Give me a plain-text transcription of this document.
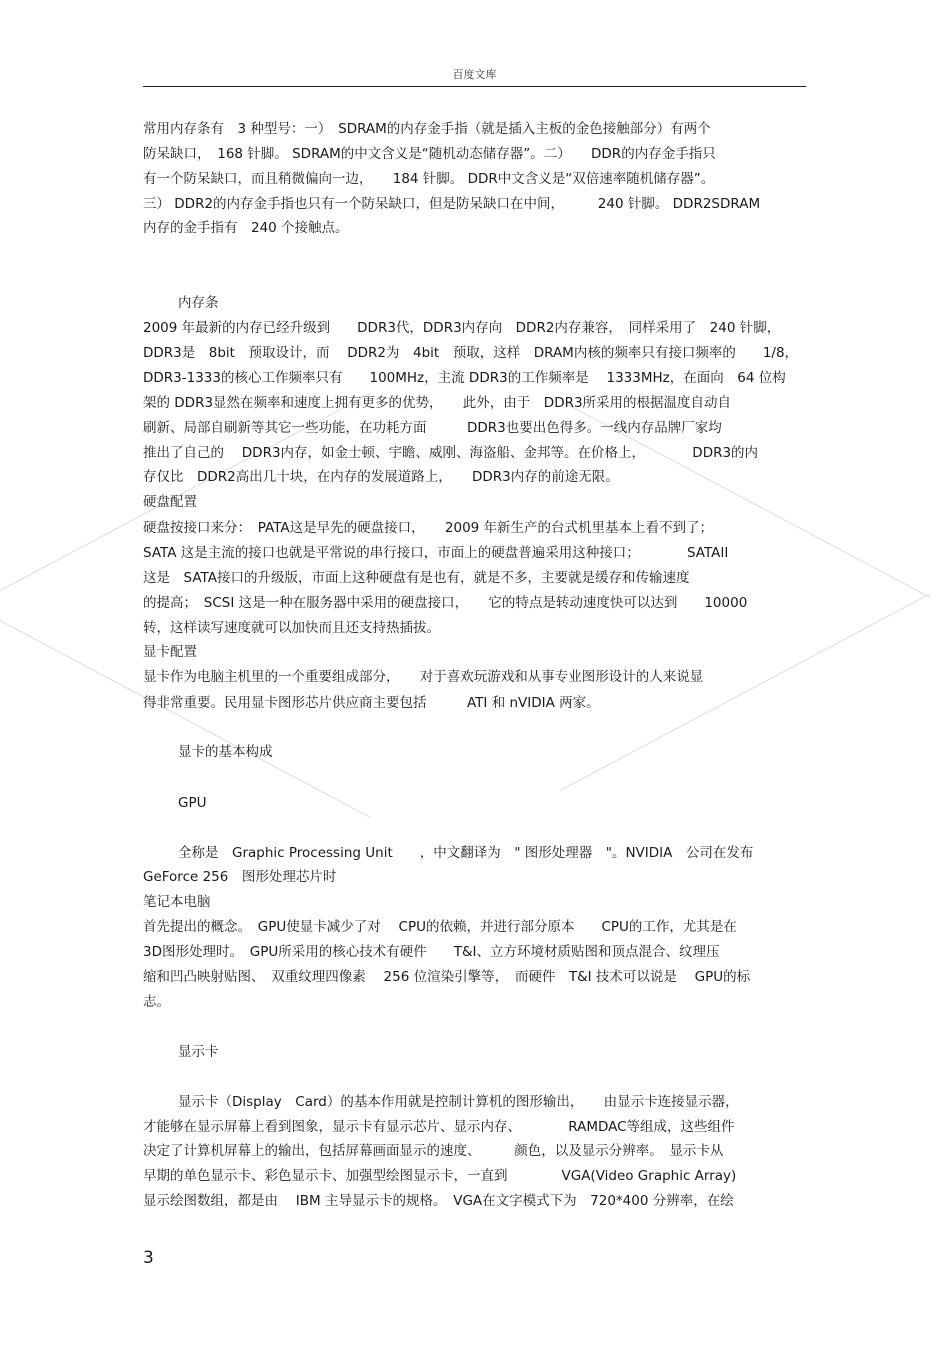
百度文库
常用内存条有　3 种型号：一）　SDRAM的内存金手指（就是插入主板的金色接触部分）有两个
防呆缺口，　168 针脚。 SDRAM的中文含义是“随机动态储存器”。二）　　DDR的内存金手指只
有一个防呆缺口，而且稍微偏向一边，　　184 针脚。 DDR中文含义是“双倍速率随机储存器”。
三） DDR2的内存金手指也只有一个防呆缺口，但是防呆缺口在中间，　　　240 针脚。 DDR2SDRAM
内存的金手指有　240 个接触点。
内存条
2009 年最新的内存已经升级到　　DDR3代，DDR3内存向　DDR2内存兼容，　同样采用了　240 针脚，
DDR3是　8bit　预取设计，而　 DDR2为　4bit　预取，这样　DRAM内核的频率只有接口频率的　　1/8，
DDR3-1333的核心工作频率只有　　100MHz，主流 DDR3的工作频率是　 1333MHz，在面向　64 位构
架的 DDR3显然在频率和速度上拥有更多的优势，　　此外，由于　DDR3所采用的根据温度自动自
刷新、局部自刷新等其它一些功能，在功耗方面　　　DDR3也要出色得多。一线内存品牌厂家均
推出了自己的　 DDR3内存，如金士顿、宇瞻、威刚、海盗船、金邦等。在价格上，　　　　DDR3的内
存仅比　DDR2高出几十块，在内存的发展道路上，　　DDR3内存的前途无限。
硬盘配置
硬盘按接口来分：　PATA这是早先的硬盘接口，　　2009 年新生产的台式机里基本上看不到了；
SATA 这是主流的接口也就是平常说的串行接口，市面上的硬盘普遍采用这种接口；　　　　SATAII
这是　SATA接口的升级版，市面上这种硬盘有是也有，就是不多，主要就是缓存和传输速度
的提高；　SCSI 这是一种在服务器中采用的硬盘接口，　　它的特点是转动速度快可以达到　　10000
转，这样读写速度就可以加快而且还支持热插拔。
显卡配置
显卡作为电脑主机里的一个重要组成部分，　　对于喜欢玩游戏和从事专业图形设计的人来说显
得非常重要。民用显卡图形芯片供应商主要包括　　　ATI 和 nVIDIA 两家。
显卡的基本构成
GPU
全称是　Graphic Processing Unit　　，中文翻译为　" 图形处理器　"。NVIDIA　公司在发布
GeForce 256　图形处理芯片时
笔记本电脑
首先提出的概念。　GPU使显卡减少了对　 CPU的依赖，并进行部分原本　　CPU的工作，尤其是在
3D图形处理时。　GPU所采用的核心技术有硬件　　T&I、立方环境材质贴图和顶点混合、纹理压
缩和凹凸映射贴图、　双重纹理四像素　 256 位渲染引擎等，　而硬件　T&I 技术可以说是　 GPU的标
志。
显示卡
显示卡（Display　Card）的基本作用就是控制计算机的图形输出，　　由显示卡连接显示器，
才能够在显示屏幕上看到图象，显示卡有显示芯片、显示内存、　　　　RAMDAC等组成，这些组件
决定了计算机屏幕上的输出，包括屏幕画面显示的速度、　　　颜色，以及显示分辨率。　显示卡从
早期的单色显示卡、彩色显示卡、加强型绘图显示卡，一直到　　　　VGA(Video Graphic Array)
显示绘图数组，都是由　 IBM 主导显示卡的规格。　VGA在文字模式下为　720*400 分辨率，在绘
3
